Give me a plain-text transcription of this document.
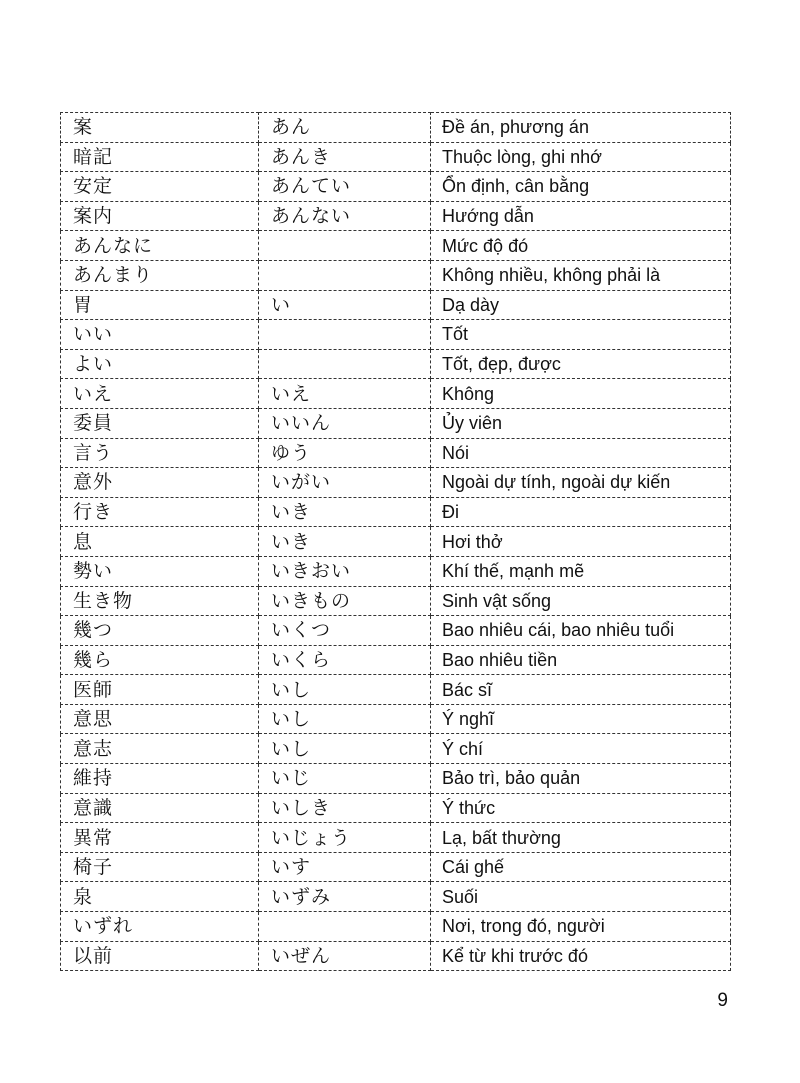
案	あん	Đề án, phương án
暗記	あんき	Thuộc lòng, ghi nhớ
安定	あんてい	Ổn định, cân bằng
案内	あんない	Hướng dẫn
あんなに		Mức độ đó
あんまり		Không nhiều, không phải là
胃	い	Dạ dày
いい		Tốt
よい		Tốt, đẹp, được
いえ	いえ	Không
委員	いいん	Ủy viên
言う	ゆう	Nói
意外	いがい	Ngoài dự tính, ngoài dự kiến
行き	いき	Đi
息	いき	Hơi thở
勢い	いきおい	Khí thế, mạnh mẽ
生き物	いきもの	Sinh vật sống
幾つ	いくつ	Bao nhiêu cái, bao nhiêu tuổi
幾ら	いくら	Bao nhiêu tiền
医師	いし	Bác sĩ
意思	いし	Ý nghĩ
意志	いし	Ý chí
維持	いじ	Bảo trì, bảo quản
意識	いしき	Ý thức
異常	いじょう	Lạ, bất thường
椅子	いす	Cái ghế
泉	いずみ	Suối
いずれ		Nơi, trong đó, người
以前	いぜん	Kể từ khi trước đó
9
